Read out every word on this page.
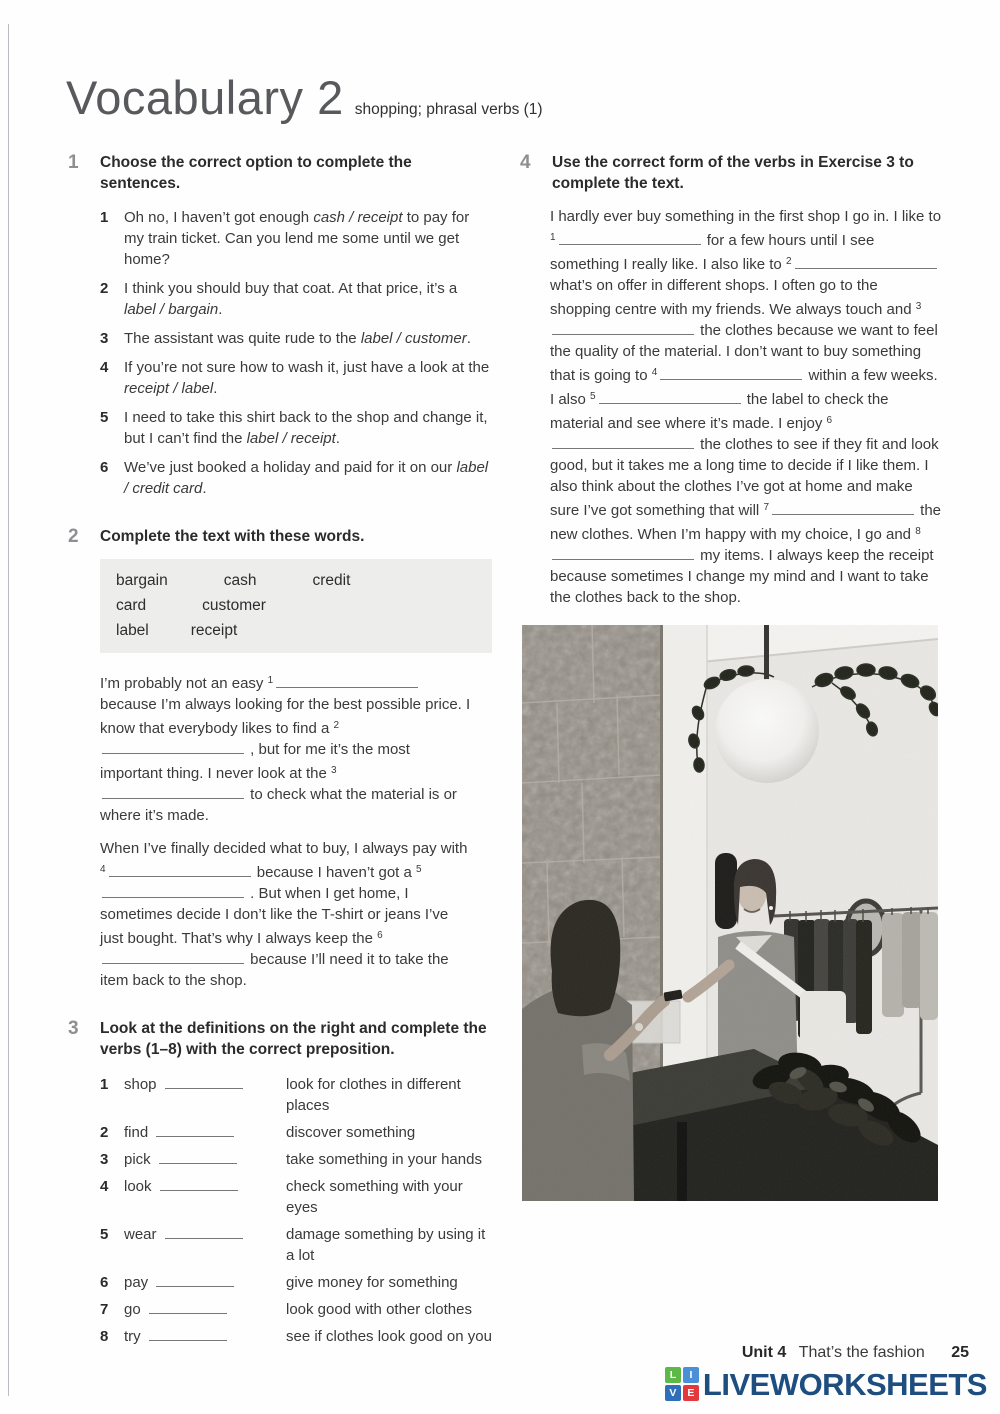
Vocabulary 2 shopping; phrasal verbs (1)
1	Choose the correct option to complete the sentences.
1	Oh no, I haven’t got enough cash / receipt to pay for my train ticket. Can you lend me some until we get home?
2	I think you should buy that coat. At that price, it’s a label / bargain.
3	The assistant was quite rude to the label / customer.
4	If you’re not sure how to wash it, just have a look at the receipt / label.
5	I need to take this shirt back to the shop and change it, but I can’t find the label / receipt.
6	We’ve just booked a holiday and paid for it on our label / credit card.
2	Complete the text with these words.
bargain	cash	credit card	customer
label	receipt

I’m probably not an easy $^1$ because I’m always looking for the best possible price. I know that everybody likes to find a $^2$ , but for me it’s the most important thing. I never look at the $^3$ to check what the material is or where it’s made.

When I’ve finally decided what to buy, I always pay with $^4$	because I haven’t got a $^5$ . But when I get home, I sometimes decide I don’t like the T-shirt or jeans I’ve just bought. That’s why I always keep the $^6$ because I’ll need it to take the item back to the shop.

3	Look at the definitions on the right and complete the verbs (1–8) with the correct preposition.
1	shop	look for clothes in different places
2	find	discover something
3	pick	take something in your hands
4	look	check something with your eyes
5	wear	damage something by using it a lot
6	pay	give money for something
7	go	look good with other clothes
8	try	see if clothes look good on you
4	Use the correct form of the verbs in Exercise 3 to complete the text.

I hardly ever buy something in the first shop I go in. I like to $^1$	for a few hours until I see something I really like. I also like to $^2$ what’s on offer in different shops. I often go to the shopping centre with my friends. We always touch and $^3$ the clothes because we want to feel the quality of the material. I don’t want to buy something that is going to $^4$	within a few weeks. I also $^5$	the label to check the material and see where it’s made. I enjoy $^6$ the clothes to see if they fit and look good, but it takes me a long time to decide if I like them. I also think about the clothes I’ve got at home and make sure I’ve got something that will $^7$	the new clothes. When I’m happy with my choice, I go and $^8$ my items. I always keep the receipt because sometimes I change my mind and I want to take the clothes back to the shop.

Unit 4 That’s the fashion 25
L	I
V	E LIVEWORKSHEETS
